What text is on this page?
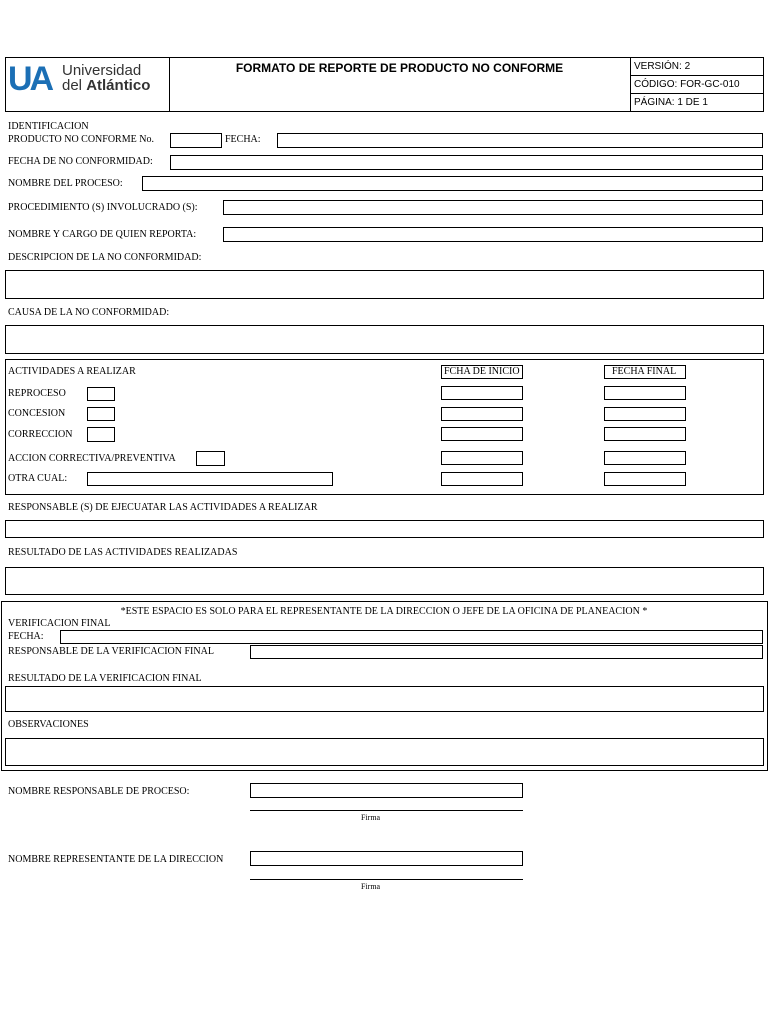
UA Universidad
del Atlántico
FORMATO DE REPORTE DE PRODUCTO NO CONFORME	VERSIÓN: 2
CÓDIGO: FOR-GC-010
PÁGINA: 1 DE 1
IDENTIFICACION
PRODUCTO NO CONFORME No.	FECHA:
FECHA DE NO CONFORMIDAD:
NOMBRE DEL PROCESO:
PROCEDIMIENTO (S) INVOLUCRADO (S):
NOMBRE Y CARGO DE QUIEN REPORTA:
DESCRIPCION DE LA NO CONFORMIDAD:
CAUSA DE LA NO CONFORMIDAD:
ACTIVIDADES A REALIZAR	FCHA DE INICIO	FECHA FINAL
REPROCESO
CONCESION
CORRECCION
ACCION CORRECTIVA/PREVENTIVA
OTRA CUAL:
RESPONSABLE (S) DE EJECUATAR LAS ACTIVIDADES A REALIZAR
RESULTADO DE LAS ACTIVIDADES REALIZADAS
*ESTE ESPACIO ES SOLO PARA EL REPRESENTANTE DE LA DIRECCION O JEFE DE LA OFICINA DE PLANEACION *
VERIFICACION FINAL
FECHA:
RESPONSABLE DE LA VERIFICACION FINAL
RESULTADO DE LA VERIFICACION FINAL
OBSERVACIONES
NOMBRE RESPONSABLE DE PROCESO:
Firma
NOMBRE REPRESENTANTE DE LA DIRECCION
Firma
